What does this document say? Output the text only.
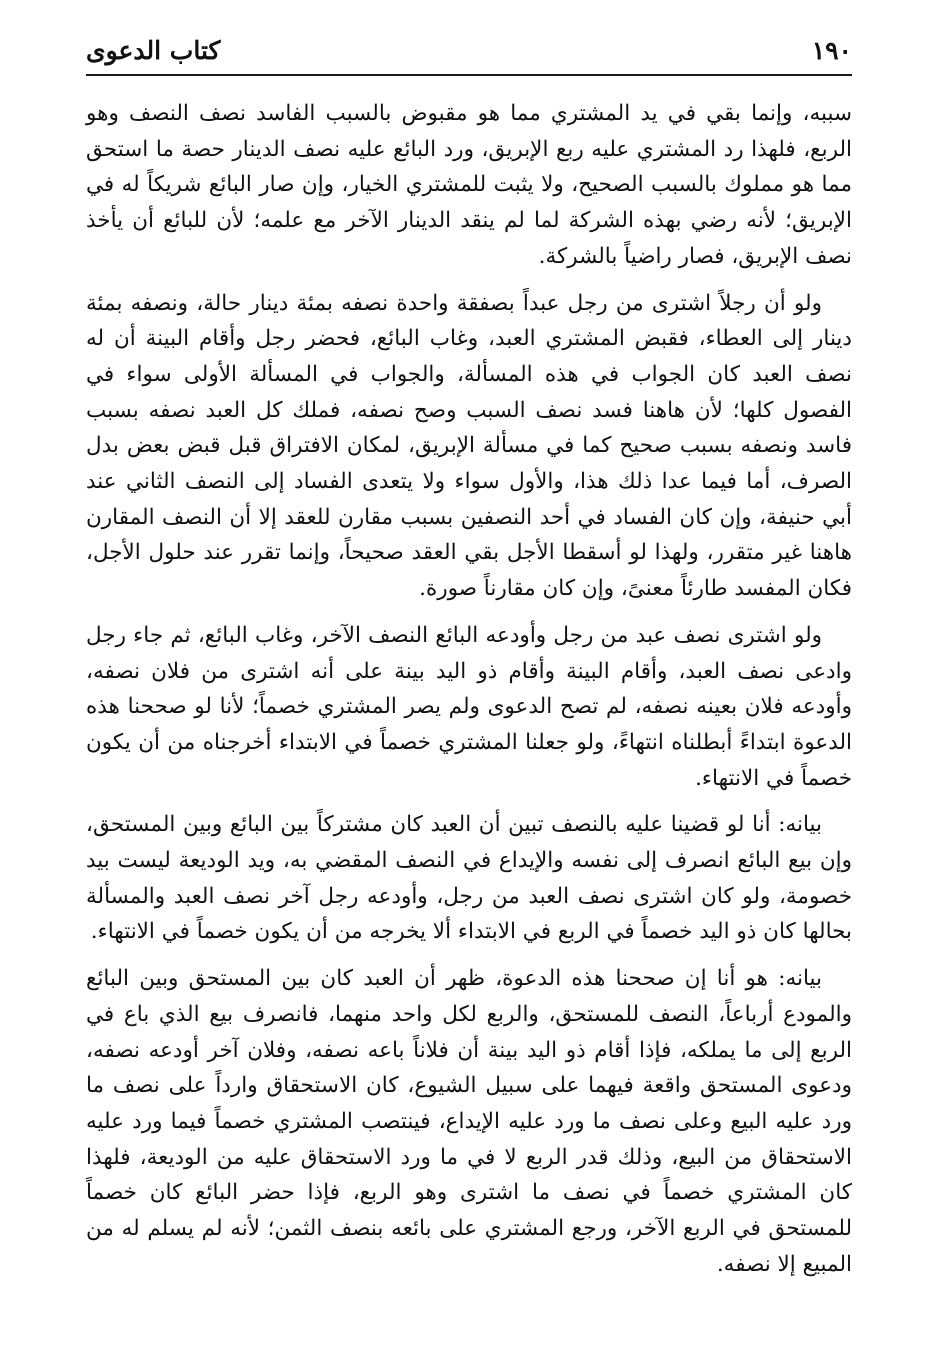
١٩٠
كتاب الدعوى

سببه، وإنما بقي في يد المشتري مما هو مقبوض بالسبب الفاسد نصف النصف وهو الربع، فلهذا رد المشتري عليه ربع الإبريق، ورد البائع عليه نصف الدينار حصة ما استحق مما هو مملوك بالسبب الصحيح، ولا يثبت للمشتري الخيار، وإن صار البائع شريكاً له في الإبريق؛ لأنه رضي بهذه الشركة لما لم ينقد الدينار الآخر مع علمه؛ لأن للبائع أن يأخذ نصف الإبريق، فصار راضياً بالشركة.

ولو أن رجلاً اشترى من رجل عبداً بصفقة واحدة نصفه بمئة دينار حالة، ونصفه بمئة دينار إلى العطاء، فقبض المشتري العبد، وغاب البائع، فحضر رجل وأقام البينة أن له نصف العبد كان الجواب في هذه المسألة، والجواب في المسألة الأولى سواء في الفصول كلها؛ لأن هاهنا فسد نصف السبب وصح نصفه، فملك كل العبد نصفه بسبب فاسد ونصفه بسبب صحيح كما في مسألة الإبريق، لمكان الافتراق قبل قبض بعض بدل الصرف، أما فيما عدا ذلك هذا، والأول سواء ولا يتعدى الفساد إلى النصف الثاني عند أبي حنيفة، وإن كان الفساد في أحد النصفين بسبب مقارن للعقد إلا أن النصف المقارن هاهنا غير متقرر، ولهذا لو أسقطا الأجل بقي العقد صحيحاً، وإنما تقرر عند حلول الأجل، فكان المفسد طارئاً معنىً، وإن كان مقارناً صورة.

ولو اشترى نصف عبد من رجل وأودعه البائع النصف الآخر، وغاب البائع، ثم جاء رجل وادعى نصف العبد، وأقام البينة وأقام ذو اليد بينة على أنه اشترى من فلان نصفه، وأودعه فلان بعينه نصفه، لم تصح الدعوى ولم يصر المشتري خصماً؛ لأنا لو صححنا هذه الدعوة ابتداءً أبطلناه انتهاءً، ولو جعلنا المشتري خصماً في الابتداء أخرجناه من أن يكون خصماً في الانتهاء.

بيانه: أنا لو قضينا عليه بالنصف تبين أن العبد كان مشتركاً بين البائع وبين المستحق، وإن بيع البائع انصرف إلى نفسه والإيداع في النصف المقضي به، ويد الوديعة ليست بيد خصومة، ولو كان اشترى نصف العبد من رجل، وأودعه رجل آخر نصف العبد والمسألة بحالها كان ذو اليد خصماً في الربع في الابتداء ألا يخرجه من أن يكون خصماً في الانتهاء.

بيانه: هو أنا إن صححنا هذه الدعوة، ظهر أن العبد كان بين المستحق وبين البائع والمودع أرباعاً، النصف للمستحق، والربع لكل واحد منهما، فانصرف بيع الذي باع في الربع إلى ما يملكه، فإذا أقام ذو اليد بينة أن فلاناً باعه نصفه، وفلان آخر أودعه نصفه، ودعوى المستحق واقعة فيهما على سبيل الشيوع، كان الاستحقاق وارداً على نصف ما ورد عليه البيع وعلى نصف ما ورد عليه الإيداع، فينتصب المشتري خصماً فيما ورد عليه الاستحقاق من البيع، وذلك قدر الربع لا في ما ورد الاستحقاق عليه من الوديعة، فلهذا كان المشتري خصماً في نصف ما اشترى وهو الربع، فإذا حضر البائع كان خصماً للمستحق في الربع الآخر، ورجع المشتري على بائعه بنصف الثمن؛ لأنه لم يسلم له من المبيع إلا نصفه.
